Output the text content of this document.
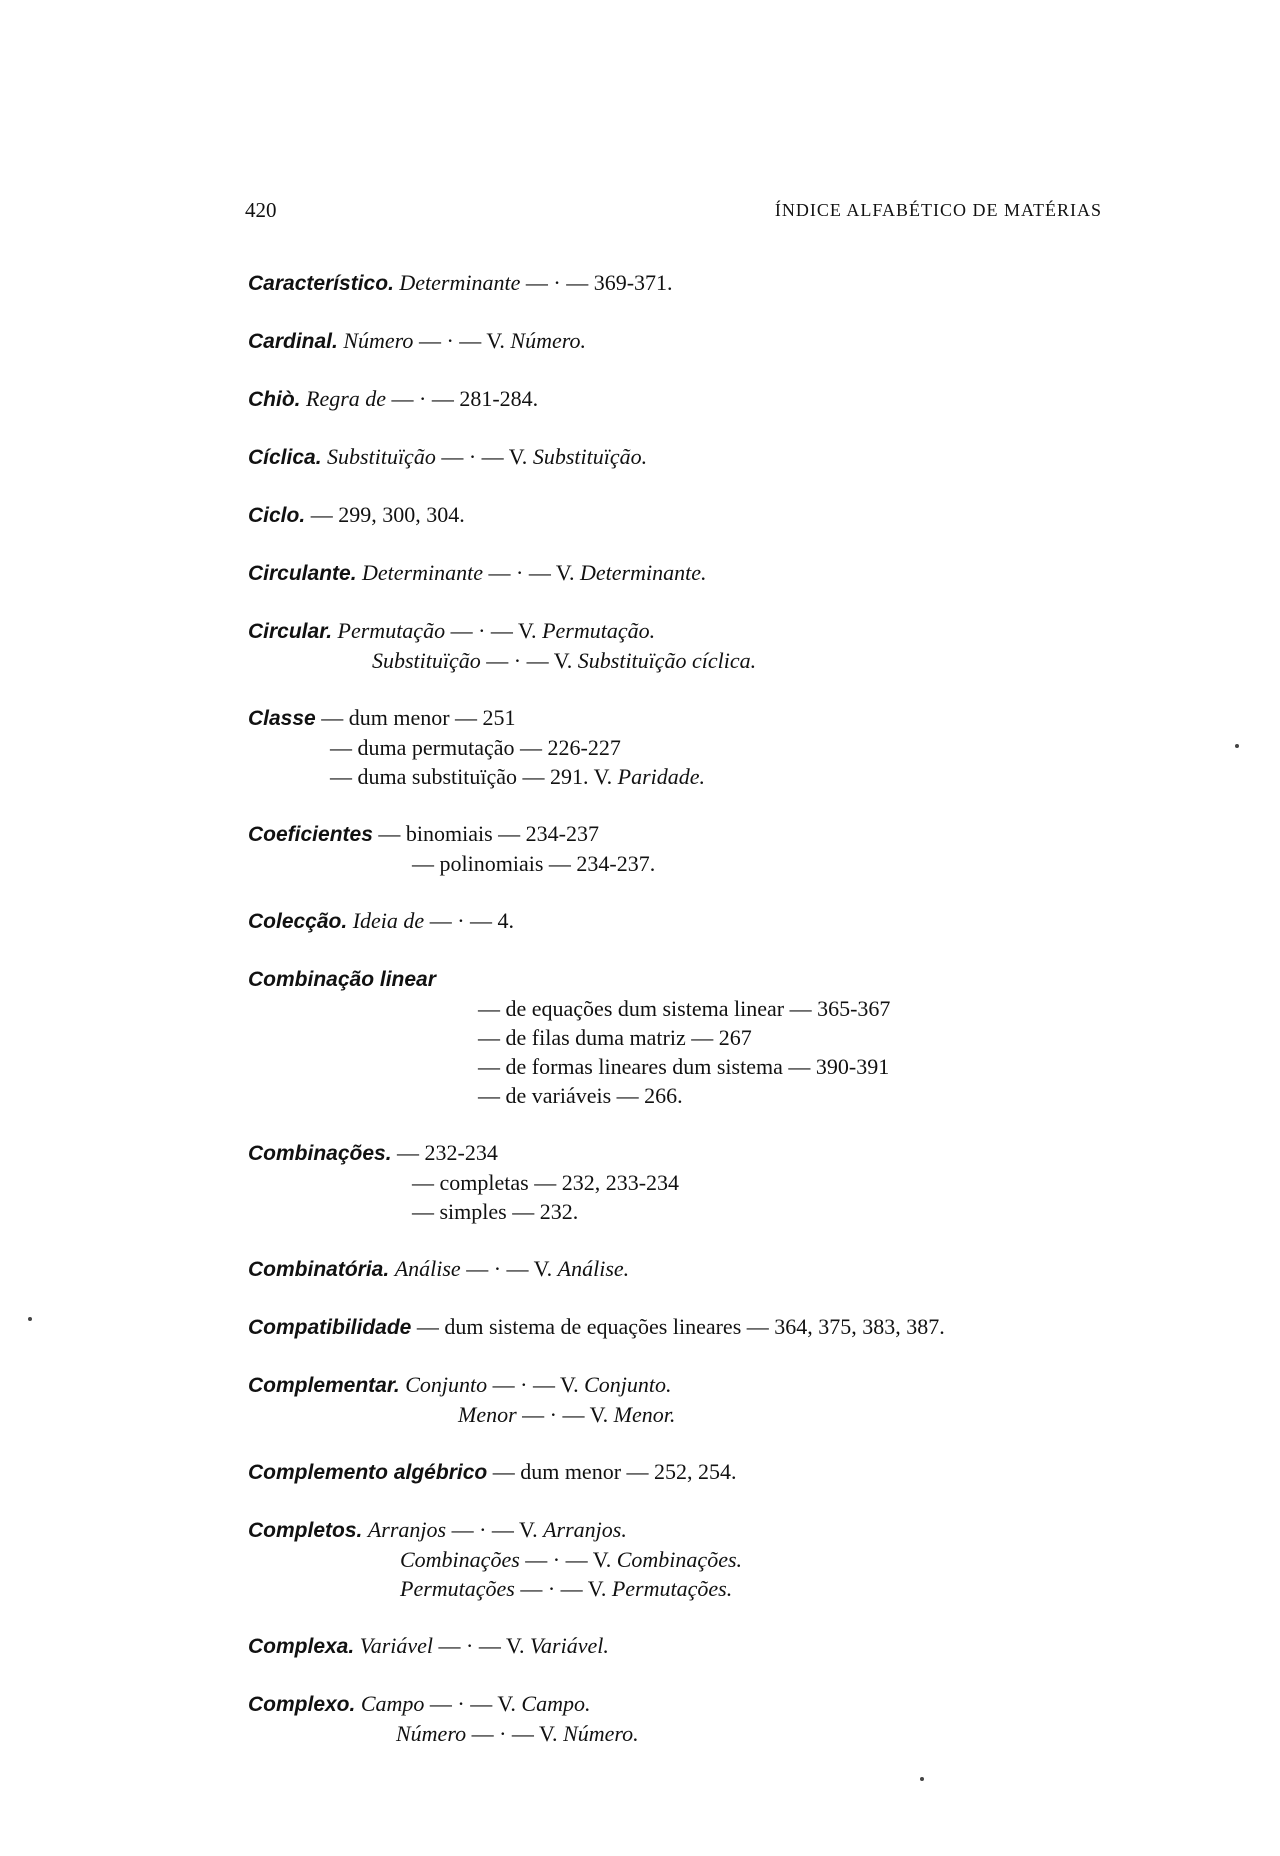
420	ÍNDICE ALFABÉTICO DE MATÉRIAS
Característico. Determinante — · — 369-371.
Cardinal. Número — · — V. Número.
Chiò. Regra de — · — 281-284.
Cíclica. Substituïção — · — V. Substituïção.
Ciclo. — 299, 300, 304.
Circulante. Determinante — · — V. Determinante.
Circular. Permutação — · — V. Permutação.
Substituïção — · — V. Substituïção cíclica.
Classe — dum menor — 251
— duma permutação — 226-227
— duma substituïção — 291. V. Paridade.
Coeficientes — binomiais — 234-237
— polinomiais — 234-237.
Colecção. Ideia de — · — 4.
Combinação linear
— de equações dum sistema linear — 365-367
— de filas duma matriz — 267
— de formas lineares dum sistema — 390-391
— de variáveis — 266.
Combinações. — 232-234
— completas — 232, 233-234
— simples — 232.
Combinatória. Análise — · — V. Análise.
Compatibilidade — dum sistema de equações lineares — 364, 375, 383, 387.
Complementar. Conjunto — · — V. Conjunto.
Menor — · — V. Menor.
Complemento algébrico — dum menor — 252, 254.
Completos. Arranjos — · — V. Arranjos.
Combinações — · — V. Combinações.
Permutações — · — V. Permutações.
Complexa. Variável — · — V. Variável.
Complexo. Campo — · — V. Campo.
Número — · — V. Número.
